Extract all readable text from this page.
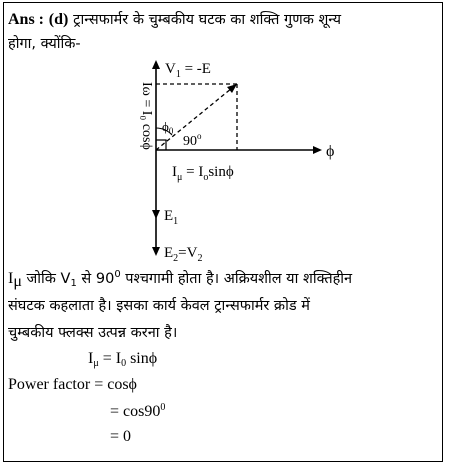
Ans : (d) ट्रान्सफार्मर के चुम्बकीय घटक का शक्ति गुणक शून्य
होगा, क्योंकि-
$V_1 = -E$
ϕ
Iω = I₀ cosϕ $\phi_0$
90$^o$
$I_\mu = I_o\sin\phi$
$E_1$
$E_2=V_2$
$I_\mu$ जोकि $V_1$ से $90^0$ पश्चगामी होता है। अक्रियशील या शक्तिहीन
संघटक कहलाता है। इसका कार्य केवल ट्रान्सफार्मर क्रोड में
चुम्बकीय फ्लक्स उत्पन्न करना है।
$I_\mu = I_0$ sinϕ
Power factor = cosϕ
= $\cos 90^0$
= 0
